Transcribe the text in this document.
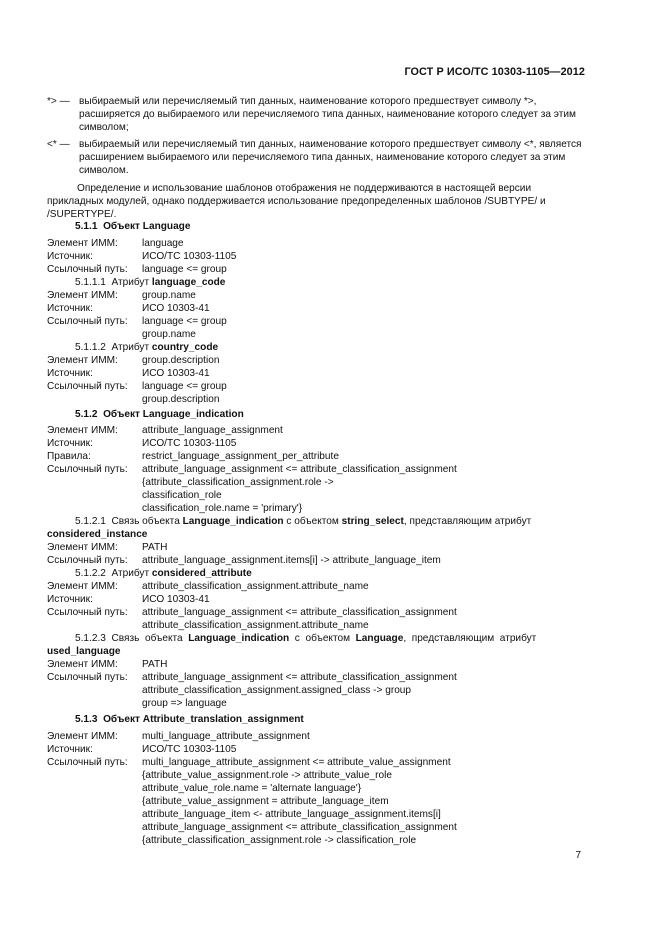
ГОСТ Р ИСО/ТС 10303-1105—2012
*> — выбираемый или перечисляемый тип данных, наименование которого предшествует символу *>, расширяется до выбираемого или перечисляемого типа данных, наименование которого следует за этим символом;
<* — выбираемый или перечисляемый тип данных, наименование которого предшествует символу <*, является расширением выбираемого или перечисляемого типа данных, наименование которого следует за этим символом.
Определение и использование шаблонов отображения не поддерживаются в настоящей версии прикладных модулей, однако поддерживается использование предопределенных шаблонов /SUBTYPE/ и /SUPERTYPE/.
5.1.1 Объект Language
Элемент ИММ: language
Источник:	ИСО/ТС 10303-1105
Ссылочный путь: language <= group
5.1.1.1  Атрибут language_code
Элемент ИММ: group.name
Источник:	ИСО 10303-41
Ссылочный путь: language <= group
group.name
5.1.1.2  Атрибут country_code
Элемент ИММ: group.description
Источник:	ИСО 10303-41
Ссылочный путь: language <= group
group.description
5.1.2 Объект Language_indication
Элемент ИММ: attribute_language_assignment
Источник:	ИСО/ТС 10303-1105
Правила:	restrict_language_assignment_per_attribute
Ссылочный путь: attribute_language_assignment <= attribute_classification_assignment
{attribute_classification_assignment.role ->
classification_role
classification_role.name = 'primary'}
5.1.2.1  Связь объекта Language_indication с объектом string_select, представляющим атрибут
considered_instance
Элемент ИММ: PATH
Ссылочный путь: attribute_language_assignment.items[i] -> attribute_language_item
5.1.2.2  Атрибут considered_attribute
Элемент ИММ: attribute_classification_assignment.attribute_name
Источник:	ИСО 10303-41
Ссылочный путь: attribute_language_assignment <= attribute_classification_assignment
attribute_classification_assignment.attribute_name
5.1.2.3  Связь  объекта  Language_indication  с  объектом  Language,  представляющим  атрибут
used_language
Элемент ИММ: PATH
Ссылочный путь: attribute_language_assignment <= attribute_classification_assignment
attribute_classification_assignment.assigned_class -> group
group => language
5.1.3 Объект Attribute_translation_assignment
Элемент ИММ: multi_language_attribute_assignment
Источник:	ИСО/ТС 10303-1105
Ссылочный путь: multi_language_attribute_assignment <= attribute_value_assignment
{attribute_value_assignment.role -> attribute_value_role
attribute_value_role.name = 'alternate language'}
{attribute_value_assignment = attribute_language_item
attribute_language_item <- attribute_language_assignment.items[i]
attribute_language_assignment <= attribute_classification_assignment
{attribute_classification_assignment.role -> classification_role
7
